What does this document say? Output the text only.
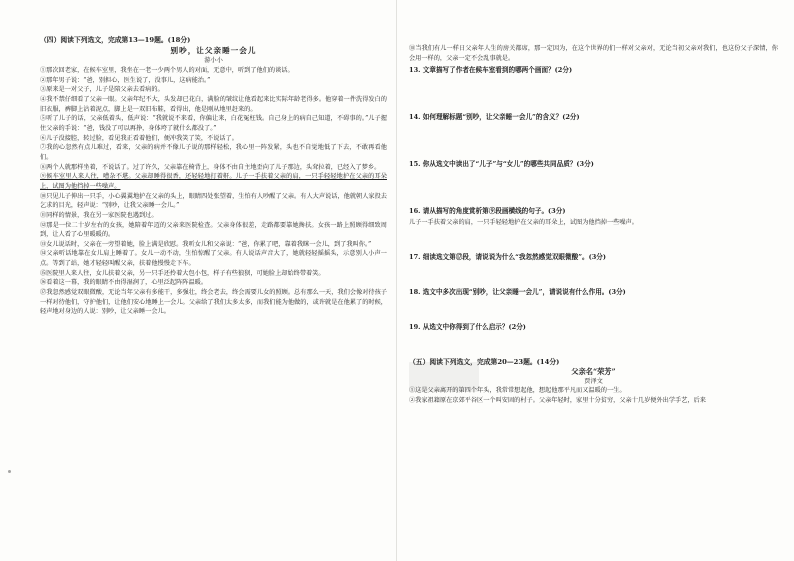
（四）阅读下列选文，完成第13—19题。(18分)
别吵，让父亲睡一会儿
游小小

①那次回老家，在候车室里，我坐在一老一少两个男人的对面，无意中，听到了他们的谈话。

②那年男子说：“爸，别担心，医生说了，没事儿，这病能治。”

③原来是一对父子，儿子是陪父亲去看病的。

④我不禁仔细看了父亲一眼。父亲年纪不大，头发却已花白，满脸的皱纹让他看起来比实际年龄老得多。他穿着一件洗得发白的旧衣服，裤脚上沾着泥点，脚上是一双旧布鞋，看得出，他是刚从地里赶来的。

⑤听了儿子的话，父亲低着头，低声说：“我就说不来看，你偏让来，白花冤枉钱。自己身上的病自己知道，不碍事的。”儿子握住父亲的手说：“爸，钱没了可以再挣，身体垮了就什么都没了。”

⑥儿子没接腔，转过脸，看见我正看着他们，便冲我笑了笑，不说话了。

⑦我的心忽然有点儿难过，看来，父亲的病并不像儿子说的那样轻松，我心里一阵发紧，头也不自觉地低了下去，不敢再看他们。

⑧两个人就那样坐着，不说话了。过了许久，父亲靠在椅背上，身体不由自主地歪向了儿子那边，头耷拉着，已经入了梦乡。

⑨候车室里人来人往，嘈杂不堪。父亲却睡得很香，还轻轻地打着鼾。儿子一手扶着父亲的肩，一只手轻轻地护在父亲的耳朵上，试图为他挡掉一些噪声。

⑩只见儿子伸出一只手，小心翼翼地护在父亲的头上，眼睛四处张望着，生怕有人吵醒了父亲。有人大声说话，他就朝人家投去乞求的目光，轻声说：“别吵，让我父亲睡一会儿。”

⑪同样的情景，我在另一家医院也遇到过。

⑫那是一位二十岁左右的女孩，她陪着年迈的父亲来医院检查。父亲身体很差，走路都要靠她搀扶。女孩一路上照顾得细致周到，让人看了心里暖暖的。

⑬女儿说话时，父亲在一旁望着她，脸上满是欣慰。我听女儿和父亲说：“爸，你累了吧，靠着我眯一会儿，到了我叫你。”

⑭父亲听话地靠在女儿肩上睡着了。女儿一动不动，生怕惊醒了父亲。有人说话声音大了，她就轻轻摇摇头，示意别人小声一点。等到了站，她才轻轻叫醒父亲，扶着他慢慢走下车。

⑮医院里人来人往，女儿扶着父亲，另一只手还拎着大包小包，样子有些狼狈，可她脸上却始终带着笑。

⑯看着这一幕，我的眼睛不由得湿润了，心里泛起阵阵温暖。

⑰我忽然感觉双眼微酸，无论当年父亲有多能干，多强壮，终会老去，终会需要儿女的照顾。总有那么一天，我们会像对待孩子一样对待他们，守护他们，让他们安心地睡上一会儿。父亲给了我们太多太多，而我们能为他做的，或许就是在他累了的时候，轻声地对身边的人说：别吵，让父亲睡一会儿。

⑱当我们有儿一样日父亲年人生的房关都席，那一定因为，在这个世界的们一样对父亲对，无论当初父亲对我们，也这份父子深情，你会用一样的，父亲一定不会乱事就是。

13. 文章描写了作者在候车室看到的哪两个画面？(2分)

14. 如何理解标题“别吵，让父亲睡一会儿”的含义？(2分)

15. 你从选文中读出了“儿子”与“女儿”的哪些共同品质？(3分)

16. 请从描写的角度赏析第⑨段画横线的句子。(3分)

儿子一手扶着父亲的肩，一只手轻轻地护在父亲的耳朵上，试图为他挡掉一些噪声。

17. 细读选文第⑰段，请说说为什么“我忽然感觉双眼微酸”。(3分)

18. 选文中多次出现“别吵，让父亲睡一会儿”，请说说有什么作用。(3分)

19. 从选文中你得到了什么启示？(2分)

（五）阅读下列选文，完成第20—23题。(14分)

父亲名“荣芳”
贾泽文

①这是父亲离开的第四个年头，我常常想起他，想起他那平凡而又温暖的一生。

②我家祖籍原在京郊平谷区一个叫安固的村子。父亲年轻时，家里十分贫穷，父亲十几岁便外出学手艺，后来
